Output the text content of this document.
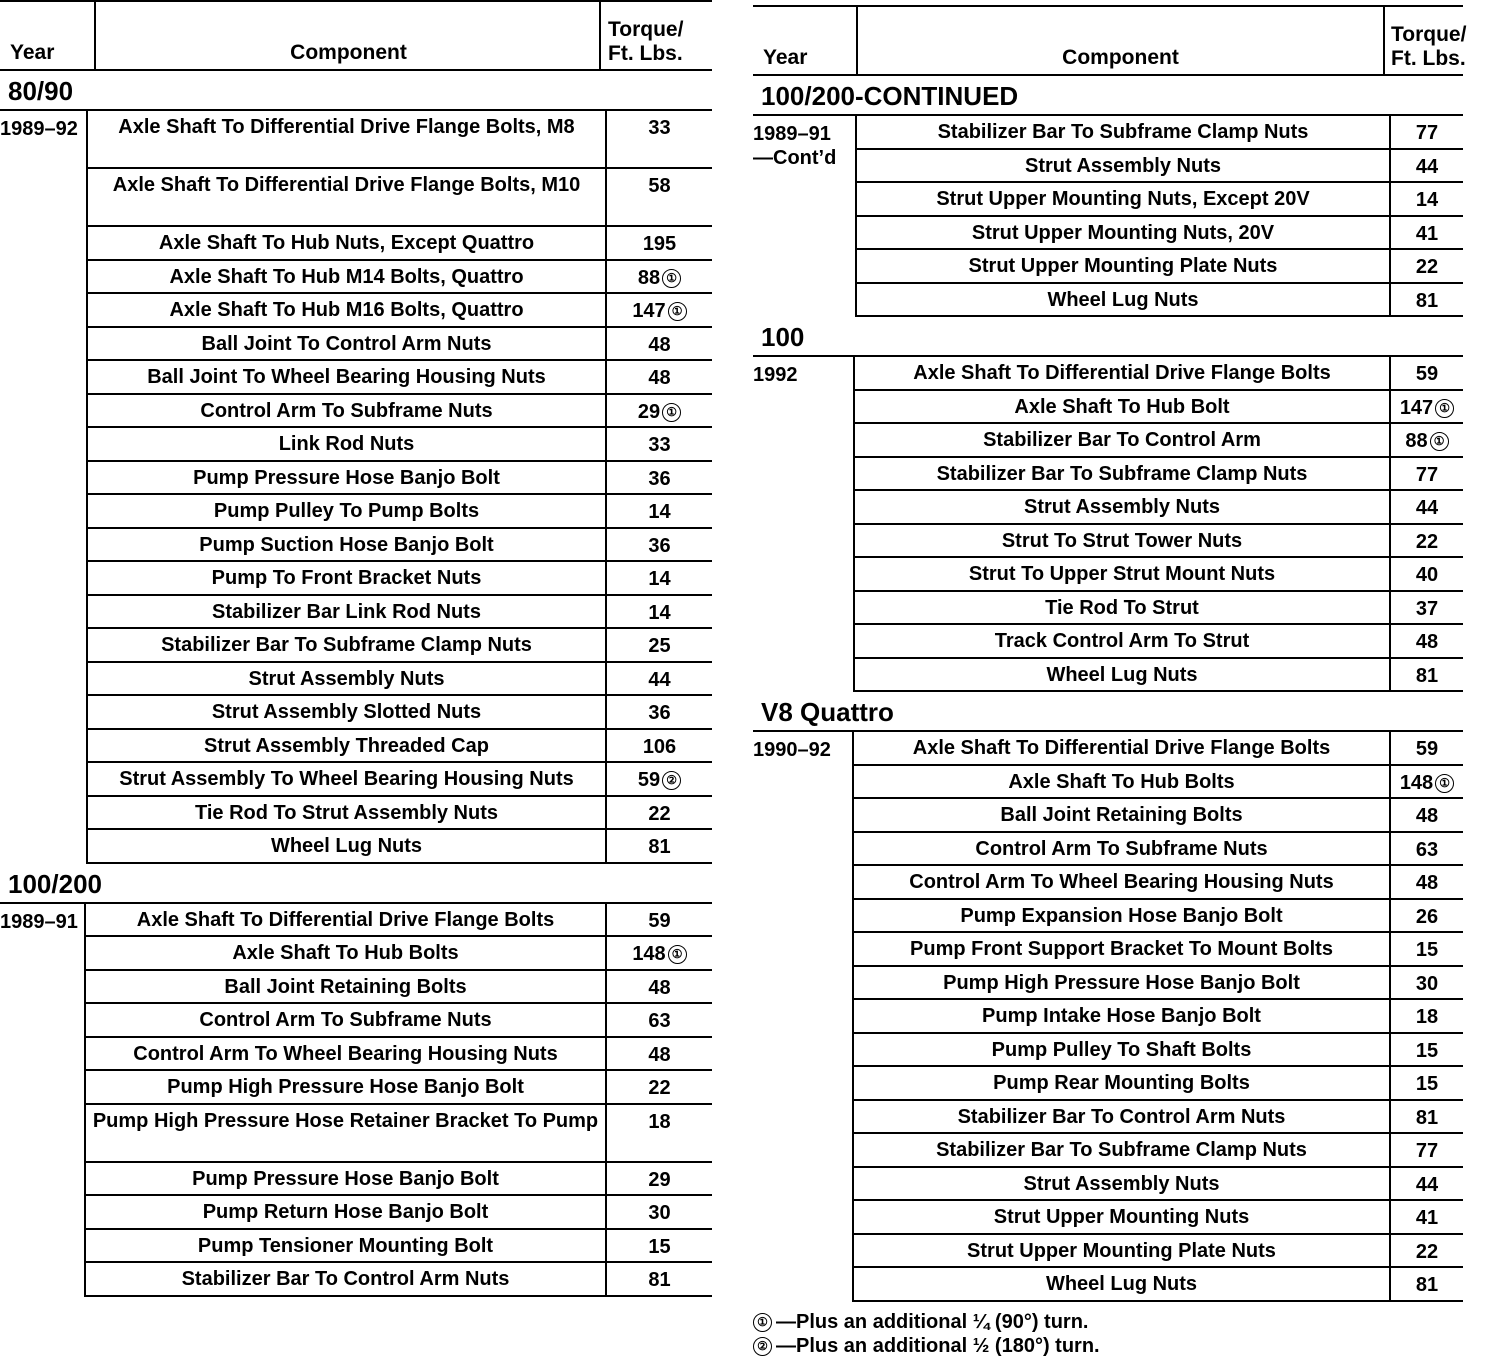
Year	Component
Torque/
Ft. Lbs.
80/90
1989–92	Axle Shaft To Differential Drive Flange Bolts, M8	33
Axle Shaft To Differential Drive Flange Bolts, M10	58
Axle Shaft To Hub Nuts, Except Quattro	195
Axle Shaft To Hub M14 Bolts, Quattro	88 ①
Axle Shaft To Hub M16 Bolts, Quattro	147 ①
Ball Joint To Control Arm Nuts	48
Ball Joint To Wheel Bearing Housing Nuts	48
Control Arm To Subframe Nuts	29 ①
Link Rod Nuts	33
Pump Pressure Hose Banjo Bolt	36
Pump Pulley To Pump Bolts	14
Pump Suction Hose Banjo Bolt	36
Pump To Front Bracket Nuts	14
Stabilizer Bar Link Rod Nuts	14
Stabilizer Bar To Subframe Clamp Nuts	25
Strut Assembly Nuts	44
Strut Assembly Slotted Nuts	36
Strut Assembly Threaded Cap	106
Strut Assembly To Wheel Bearing Housing Nuts	59 ②
Tie Rod To Strut Assembly Nuts	22
Wheel Lug Nuts	81
100/200
1989–91	Axle Shaft To Differential Drive Flange Bolts	59
Axle Shaft To Hub Bolts	148 ①
Ball Joint Retaining Bolts	48
Control Arm To Subframe Nuts	63
Control Arm To Wheel Bearing Housing Nuts	48
Pump High Pressure Hose Banjo Bolt	22
Pump High Pressure Hose Retainer Bracket To Pump	18
Pump Pressure Hose Banjo Bolt	29
Pump Return Hose Banjo Bolt	30
Pump Tensioner Mounting Bolt	15
Stabilizer Bar To Control Arm Nuts	81
Year	Component
Torque/
Ft. Lbs.
100/200-CONTINUED
1989–91
—Cont’d
Stabilizer Bar To Subframe Clamp Nuts	77
Strut Assembly Nuts	44
Strut Upper Mounting Nuts, Except 20V	14
Strut Upper Mounting Nuts, 20V	41
Strut Upper Mounting Plate Nuts	22
Wheel Lug Nuts	81
100
1992	Axle Shaft To Differential Drive Flange Bolts	59
Axle Shaft To Hub Bolt	147 ①
Stabilizer Bar To Control Arm	88 ①
Stabilizer Bar To Subframe Clamp Nuts	77
Strut Assembly Nuts	44
Strut To Strut Tower Nuts	22
Strut To Upper Strut Mount Nuts	40
Tie Rod To Strut	37
Track Control Arm To Strut	48
Wheel Lug Nuts	81
V8 Quattro
1990–92	Axle Shaft To Differential Drive Flange Bolts	59
Axle Shaft To Hub Bolts	148 ①
Ball Joint Retaining Bolts	48
Control Arm To Subframe Nuts	63
Control Arm To Wheel Bearing Housing Nuts	48
Pump Expansion Hose Banjo Bolt	26
Pump Front Support Bracket To Mount Bolts	15
Pump High Pressure Hose Banjo Bolt	30
Pump Intake Hose Banjo Bolt	18
Pump Pulley To Shaft Bolts	15
Pump Rear Mounting Bolts	15
Stabilizer Bar To Control Arm Nuts	81
Stabilizer Bar To Subframe Clamp Nuts	77
Strut Assembly Nuts	44
Strut Upper Mounting Nuts	41
Strut Upper Mounting Plate Nuts	22
Wheel Lug Nuts	81
① —Plus an additional ¼ (90°) turn.
② —Plus an additional ½ (180°) turn.
